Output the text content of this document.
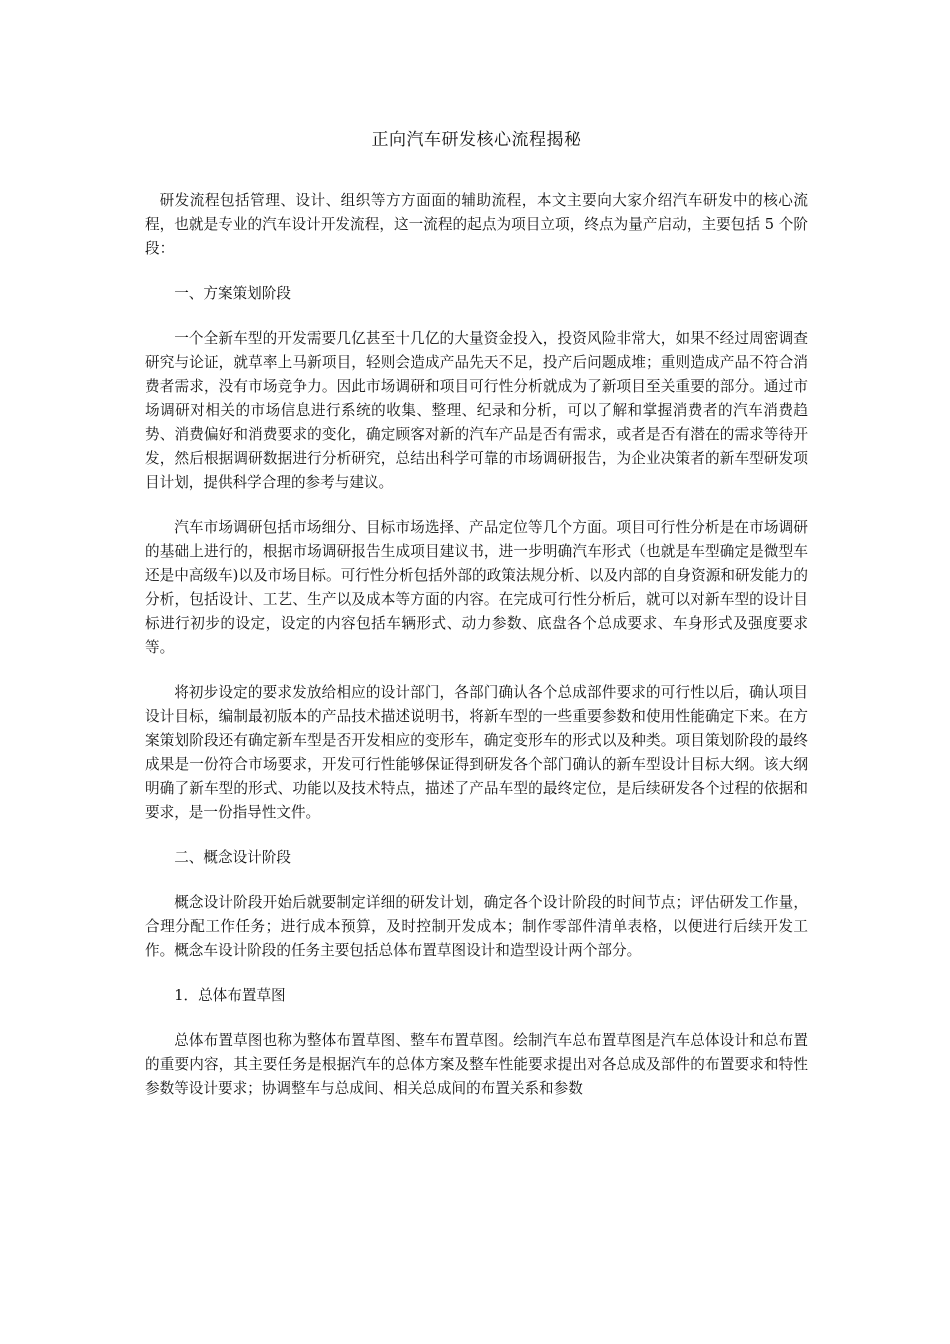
正向汽车研发核心流程揭秘

研发流程包括管理、设计、组织等方方面面的辅助流程，本文主要向大家介绍汽车研发中的核心流程，也就是专业的汽车设计开发流程，这一流程的起点为项目立项，终点为量产启动，主要包括 5 个阶段：

一、方案策划阶段

一个全新车型的开发需要几亿甚至十几亿的大量资金投入，投资风险非常大，如果不经过周密调查研究与论证，就草率上马新项目，轻则会造成产品先天不足，投产后问题成堆；重则造成产品不符合消费者需求，没有市场竞争力。因此市场调研和项目可行性分析就成为了新项目至关重要的部分。通过市场调研对相关的市场信息进行系统的收集、整理、纪录和分析，可以了解和掌握消费者的汽车消费趋势、消费偏好和消费要求的变化，确定顾客对新的汽车产品是否有需求，或者是否有潜在的需求等待开发，然后根据调研数据进行分析研究，总结出科学可靠的市场调研报告，为企业决策者的新车型研发项目计划，提供科学合理的参考与建议。

汽车市场调研包括市场细分、目标市场选择、产品定位等几个方面。项目可行性分析是在市场调研的基础上进行的，根据市场调研报告生成项目建议书，进一步明确汽车形式（也就是车型确定是微型车还是中高级车)以及市场目标。可行性分析包括外部的政策法规分析、以及内部的自身资源和研发能力的分析，包括设计、工艺、生产以及成本等方面的内容。在完成可行性分析后，就可以对新车型的设计目标进行初步的设定，设定的内容包括车辆形式、动力参数、底盘各个总成要求、车身形式及强度要求等。

将初步设定的要求发放给相应的设计部门，各部门确认各个总成部件要求的可行性以后，确认项目设计目标，编制最初版本的产品技术描述说明书，将新车型的一些重要参数和使用性能确定下来。在方案策划阶段还有确定新车型是否开发相应的变形车，确定变形车的形式以及种类。项目策划阶段的最终成果是一份符合市场要求，开发可行性能够保证得到研发各个部门确认的新车型设计目标大纲。该大纲明确了新车型的形式、功能以及技术特点，描述了产品车型的最终定位，是后续研发各个过程的依据和要求，是一份指导性文件。

二、概念设计阶段

概念设计阶段开始后就要制定详细的研发计划，确定各个设计阶段的时间节点；评估研发工作量，合理分配工作任务；进行成本预算，及时控制开发成本；制作零部件清单表格，以便进行后续开发工作。概念车设计阶段的任务主要包括总体布置草图设计和造型设计两个部分。

1．总体布置草图

总体布置草图也称为整体布置草图、整车布置草图。绘制汽车总布置草图是汽车总体设计和总布置的重要内容，其主要任务是根据汽车的总体方案及整车性能要求提出对各总成及部件的布置要求和特性参数等设计要求；协调整车与总成间、相关总成间的布置关系和参数
